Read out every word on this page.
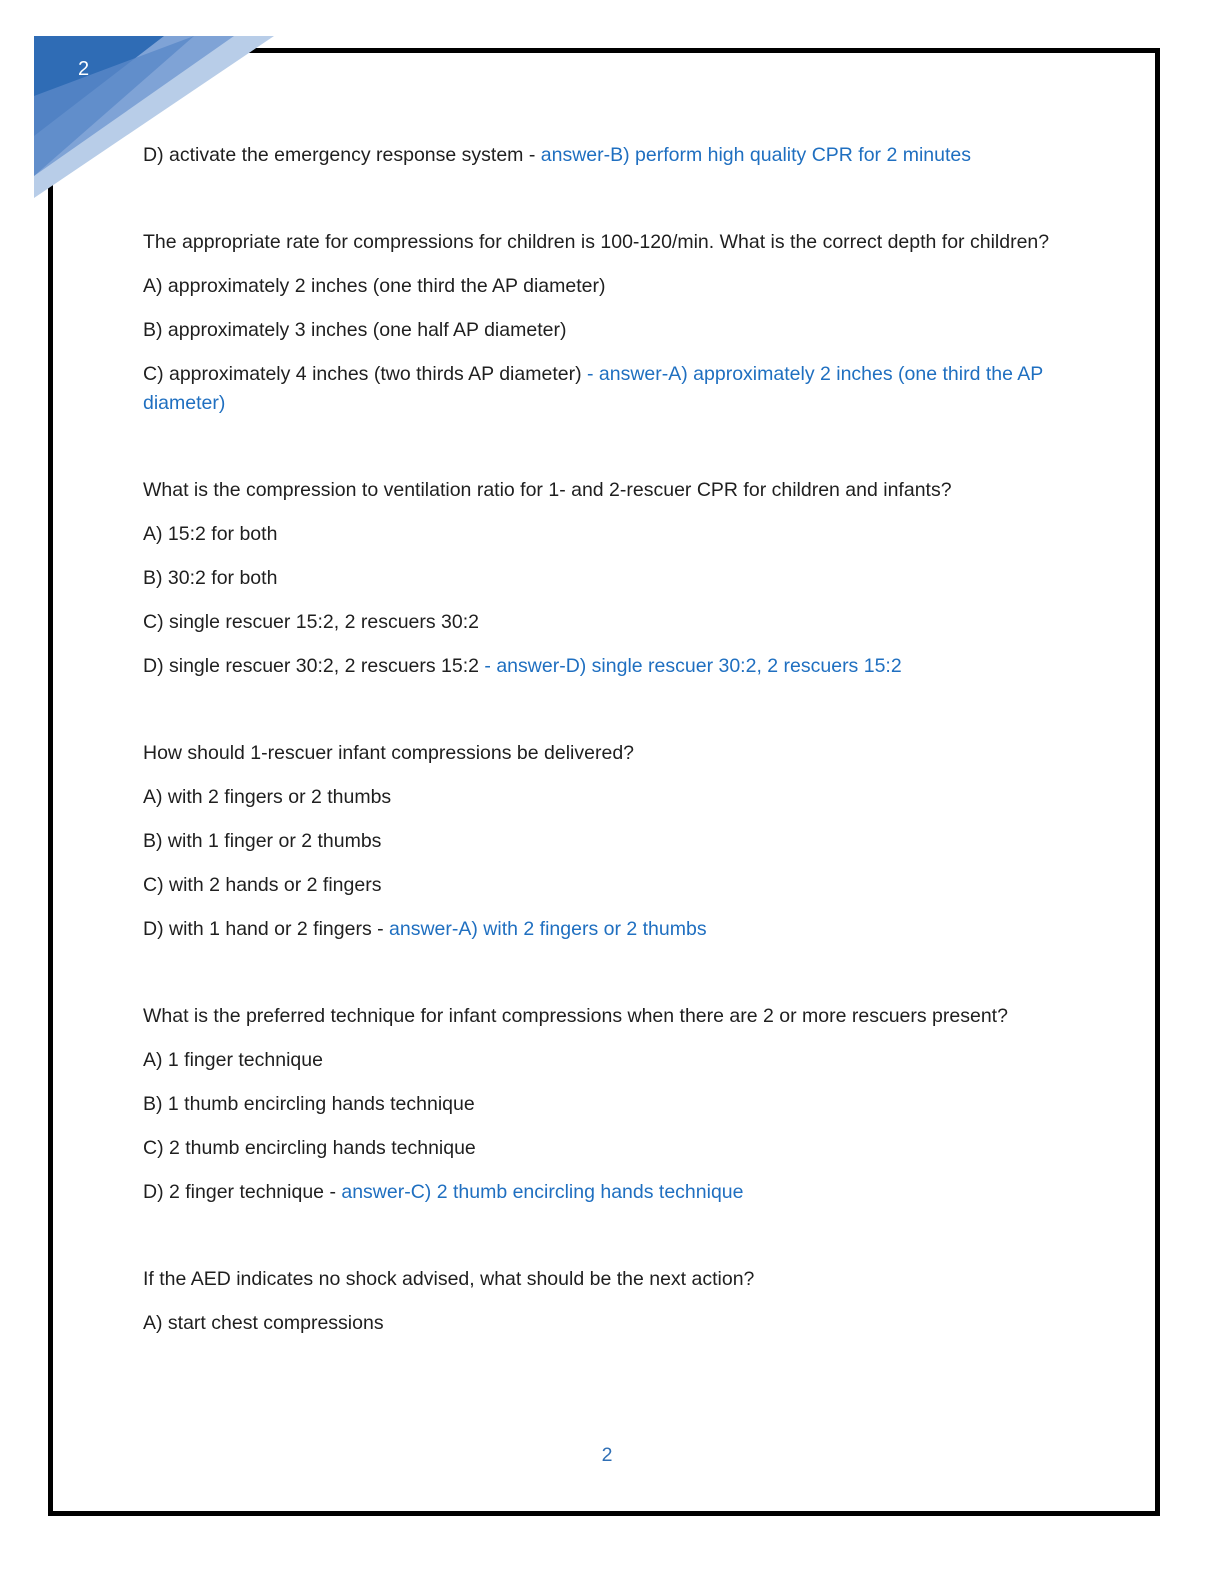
2

D) activate the emergency response system - answer-B) perform high quality CPR for 2 minutes

The appropriate rate for compressions for children is 100-120/min. What is the correct depth for children?

A) approximately 2 inches (one third the AP diameter)

B) approximately 3 inches (one half AP diameter)

C) approximately 4 inches (two thirds AP diameter) - answer-A) approximately 2 inches (one third the AP diameter)

What is the compression to ventilation ratio for 1- and 2-rescuer CPR for children and infants?

A) 15:2 for both

B) 30:2 for both

C) single rescuer 15:2, 2 rescuers 30:2

D) single rescuer 30:2, 2 rescuers 15:2 - answer-D) single rescuer 30:2, 2 rescuers 15:2

How should 1-rescuer infant compressions be delivered?

A) with 2 fingers or 2 thumbs

B) with 1 finger or 2 thumbs

C) with 2 hands or 2 fingers

D) with 1 hand or 2 fingers - answer-A) with 2 fingers or 2 thumbs

What is the preferred technique for infant compressions when there are 2 or more rescuers present?

A) 1 finger technique

B) 1 thumb encircling hands technique

C) 2 thumb encircling hands technique

D) 2 finger technique - answer-C) 2 thumb encircling hands technique

If the AED indicates no shock advised, what should be the next action?

A) start chest compressions

2
